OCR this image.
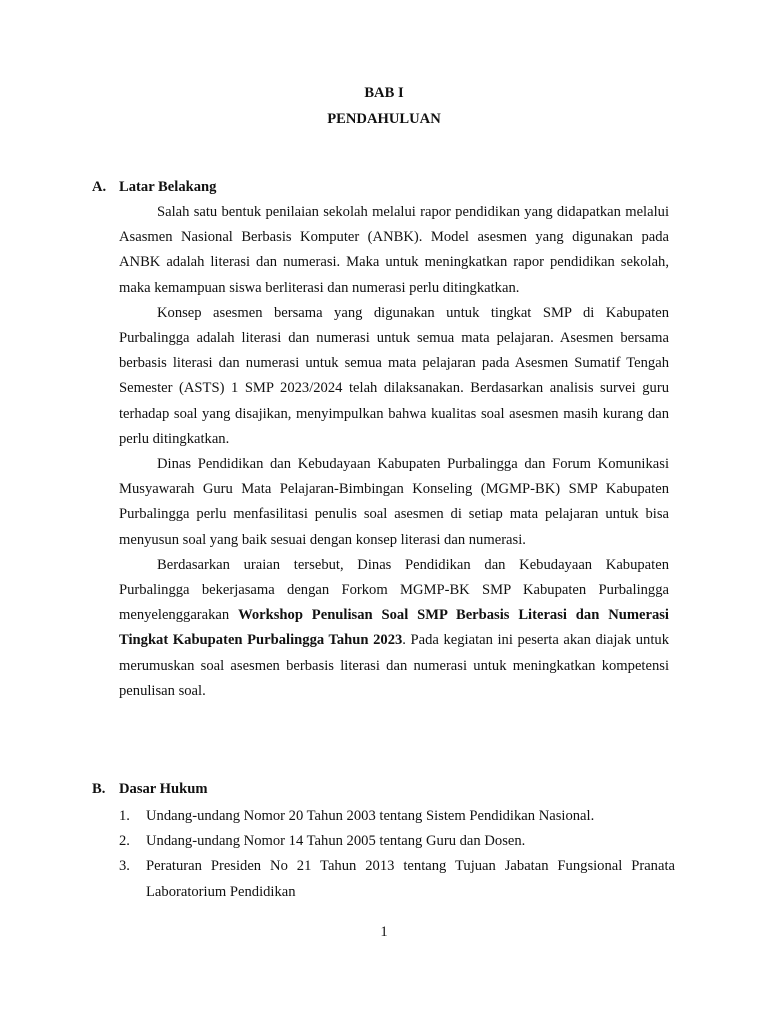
BAB I
PENDAHULUAN
A. Latar Belakang

Salah satu bentuk penilaian sekolah melalui rapor pendidikan yang didapatkan melalui Asasmen Nasional Berbasis Komputer (ANBK). Model asesmen yang digunakan pada ANBK adalah literasi dan numerasi. Maka untuk meningkatkan rapor pendidikan sekolah, maka kemampuan siswa berliterasi dan numerasi perlu ditingkatkan.

Konsep asesmen bersama yang digunakan untuk tingkat SMP di Kabupaten Purbalingga adalah literasi dan numerasi untuk semua mata pelajaran. Asesmen bersama berbasis literasi dan numerasi untuk semua mata pelajaran pada Asesmen Sumatif Tengah Semester (ASTS) 1 SMP 2023/2024 telah dilaksanakan. Berdasarkan analisis survei guru terhadap soal yang disajikan, menyimpulkan bahwa kualitas soal asesmen masih kurang dan perlu ditingkatkan.

Dinas Pendidikan dan Kebudayaan Kabupaten Purbalingga dan Forum Komunikasi Musyawarah Guru Mata Pelajaran-Bimbingan Konseling (MGMP-BK) SMP Kabupaten Purbalingga perlu menfasilitasi penulis soal asesmen di setiap mata pelajaran untuk bisa menyusun soal yang baik sesuai dengan konsep literasi dan numerasi.

Berdasarkan uraian tersebut, Dinas Pendidikan dan Kebudayaan Kabupaten Purbalingga bekerjasama dengan Forkom MGMP-BK SMP Kabupaten Purbalingga menyelenggarakan Workshop Penulisan Soal SMP Berbasis Literasi dan Numerasi Tingkat Kabupaten Purbalingga Tahun 2023. Pada kegiatan ini peserta akan diajak untuk merumuskan soal asesmen berbasis literasi dan numerasi untuk meningkatkan kompetensi penulisan soal.

B. Dasar Hukum
1. Undang-undang Nomor 20 Tahun 2003 tentang Sistem Pendidikan Nasional.
2. Undang-undang Nomor 14 Tahun 2005 tentang Guru dan Dosen.
3. Peraturan Presiden No 21 Tahun 2013 tentang Tujuan Jabatan Fungsional Pranata Laboratorium Pendidikan
1
